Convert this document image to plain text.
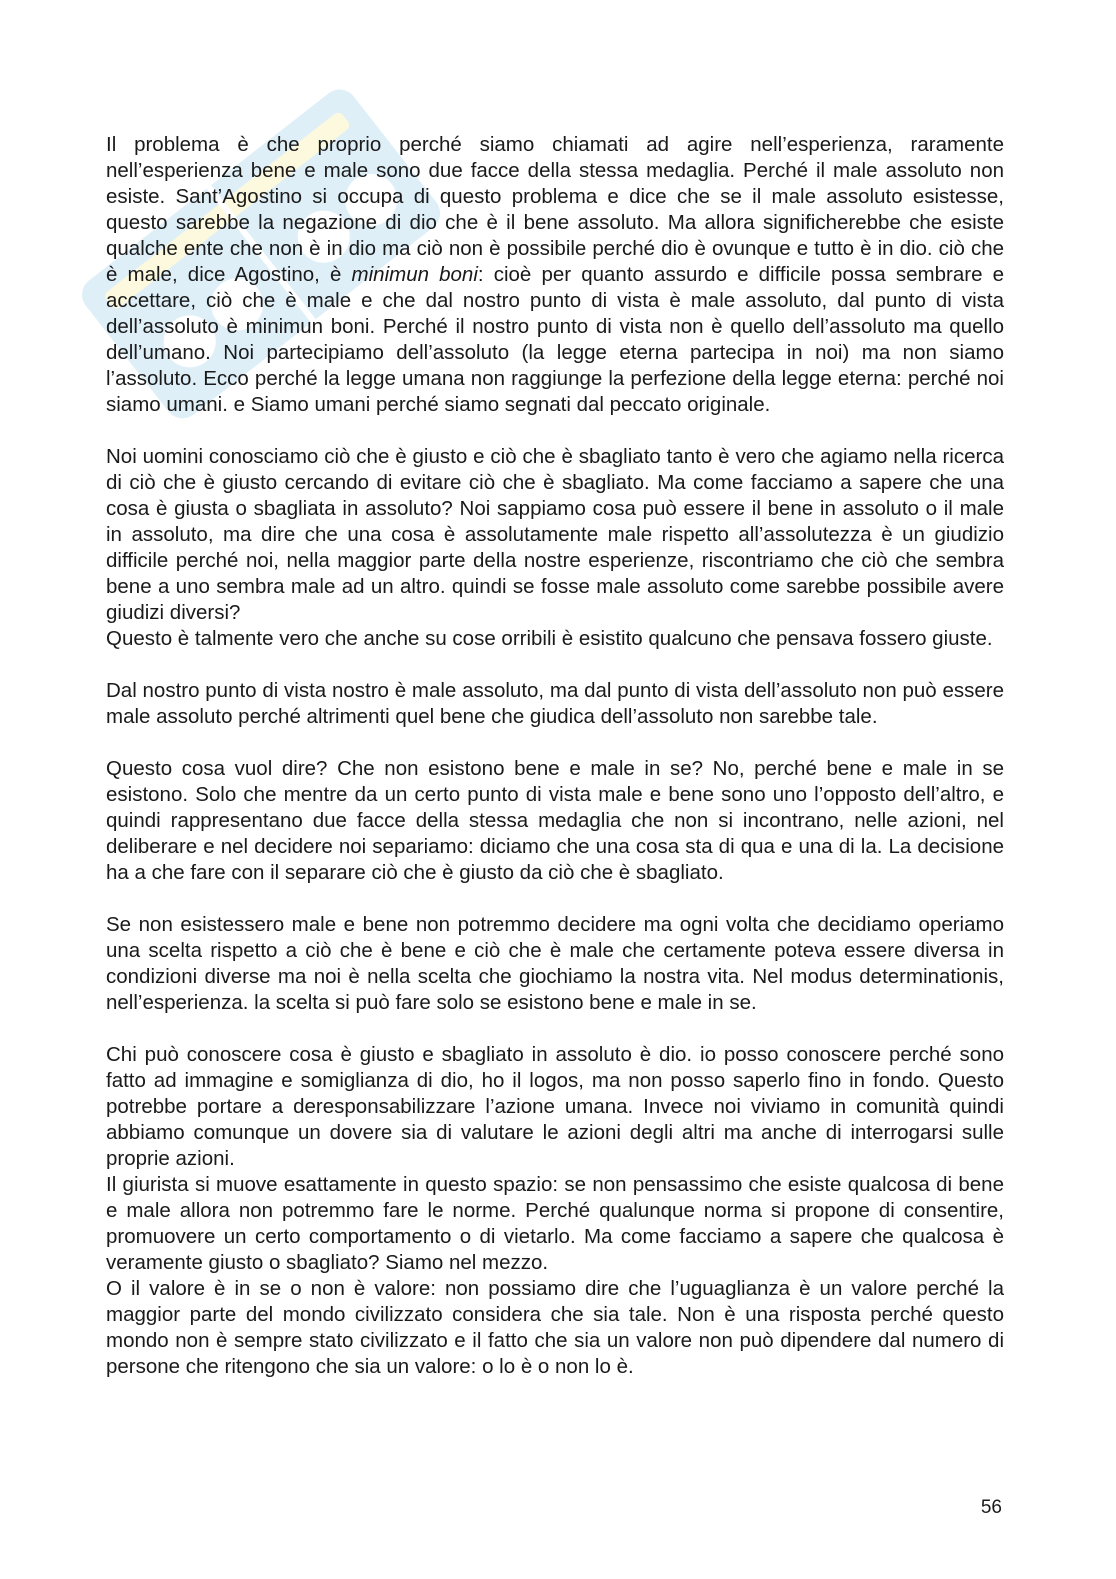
Il problema è che proprio perché siamo chiamati ad agire nell’esperienza, raramente nell’esperienza bene e male sono due facce della stessa medaglia. Perché il male assoluto non esiste. Sant’Agostino si occupa di questo problema e dice che se il male assoluto esistesse, questo sarebbe la negazione di dio che è il bene assoluto. Ma allora significherebbe che esiste qualche ente che non è in dio ma ciò non è possibile perché dio è ovunque e tutto è in dio. ciò che è male, dice Agostino, è minimun boni: cioè per quanto assurdo e difficile possa sembrare e accettare, ciò che è male e che dal nostro punto di vista è male assoluto, dal punto di vista dell’assoluto è minimun boni. Perché il nostro punto di vista non è quello dell’assoluto ma quello dell’umano. Noi partecipiamo dell’assoluto (la legge eterna partecipa in noi) ma non siamo l’assoluto. Ecco perché la legge umana non raggiunge la perfezione della legge eterna: perché noi siamo umani. e Siamo umani perché siamo segnati dal peccato originale.

Noi uomini conosciamo ciò che è giusto e ciò che è sbagliato tanto è vero che agiamo nella ricerca di ciò che è giusto cercando di evitare ciò che è sbagliato. Ma come facciamo a sapere che una cosa è giusta o sbagliata in assoluto? Noi sappiamo cosa può essere il bene in assoluto o il male in assoluto, ma dire che una cosa è assolutamente male rispetto all’assolutezza è un giudizio difficile perché noi, nella maggior parte della nostre esperienze, riscontriamo che ciò che sembra bene a uno sembra male ad un altro. quindi se fosse male assoluto come sarebbe possibile avere giudizi diversi?

Questo è talmente vero che anche su cose orribili è esistito qualcuno che pensava fossero giuste.

Dal nostro punto di vista nostro è male assoluto, ma dal punto di vista dell’assoluto non può essere male assoluto perché altrimenti quel bene che giudica dell’assoluto non sarebbe tale.

Questo cosa vuol dire? Che non esistono bene e male in se? No, perché bene e male in se esistono. Solo che mentre da un certo punto di vista male e bene sono uno l’opposto dell’altro, e quindi rappresentano due facce della stessa medaglia che non si incontrano, nelle azioni, nel deliberare e nel decidere noi separiamo: diciamo che una cosa sta di qua e una di la. La decisione ha a che fare con il separare ciò che è giusto da ciò che è sbagliato.

Se non esistessero male e bene non potremmo decidere ma ogni volta che decidiamo operiamo una scelta rispetto a ciò che è bene e ciò che è male che certamente poteva essere diversa in condizioni diverse ma noi è nella scelta che giochiamo la nostra vita. Nel modus determinationis, nell’esperienza. la scelta si può fare solo se esistono bene e male in se.

Chi può conoscere cosa è giusto e sbagliato in assoluto è dio. io posso conoscere perché sono fatto ad immagine e somiglianza di dio, ho il logos, ma non posso saperlo fino in fondo. Questo potrebbe portare a deresponsabilizzare l’azione umana. Invece noi viviamo in comunità quindi abbiamo comunque un dovere sia di valutare le azioni degli altri ma anche di interrogarsi sulle proprie azioni.

Il giurista si muove esattamente in questo spazio: se non pensassimo che esiste qualcosa di bene e male allora non potremmo fare le norme. Perché qualunque norma si propone di consentire, promuovere un certo comportamento o di vietarlo. Ma come facciamo a sapere che qualcosa è veramente giusto o sbagliato? Siamo nel mezzo.

O il valore è in se o non è valore: non possiamo dire che l’uguaglianza è un valore perché la maggior parte del mondo civilizzato considera che sia tale. Non è una risposta perché questo mondo non è sempre stato civilizzato e il fatto che sia un valore non può dipendere dal numero di persone che ritengono che sia un valore: o lo è o non lo è.

56
